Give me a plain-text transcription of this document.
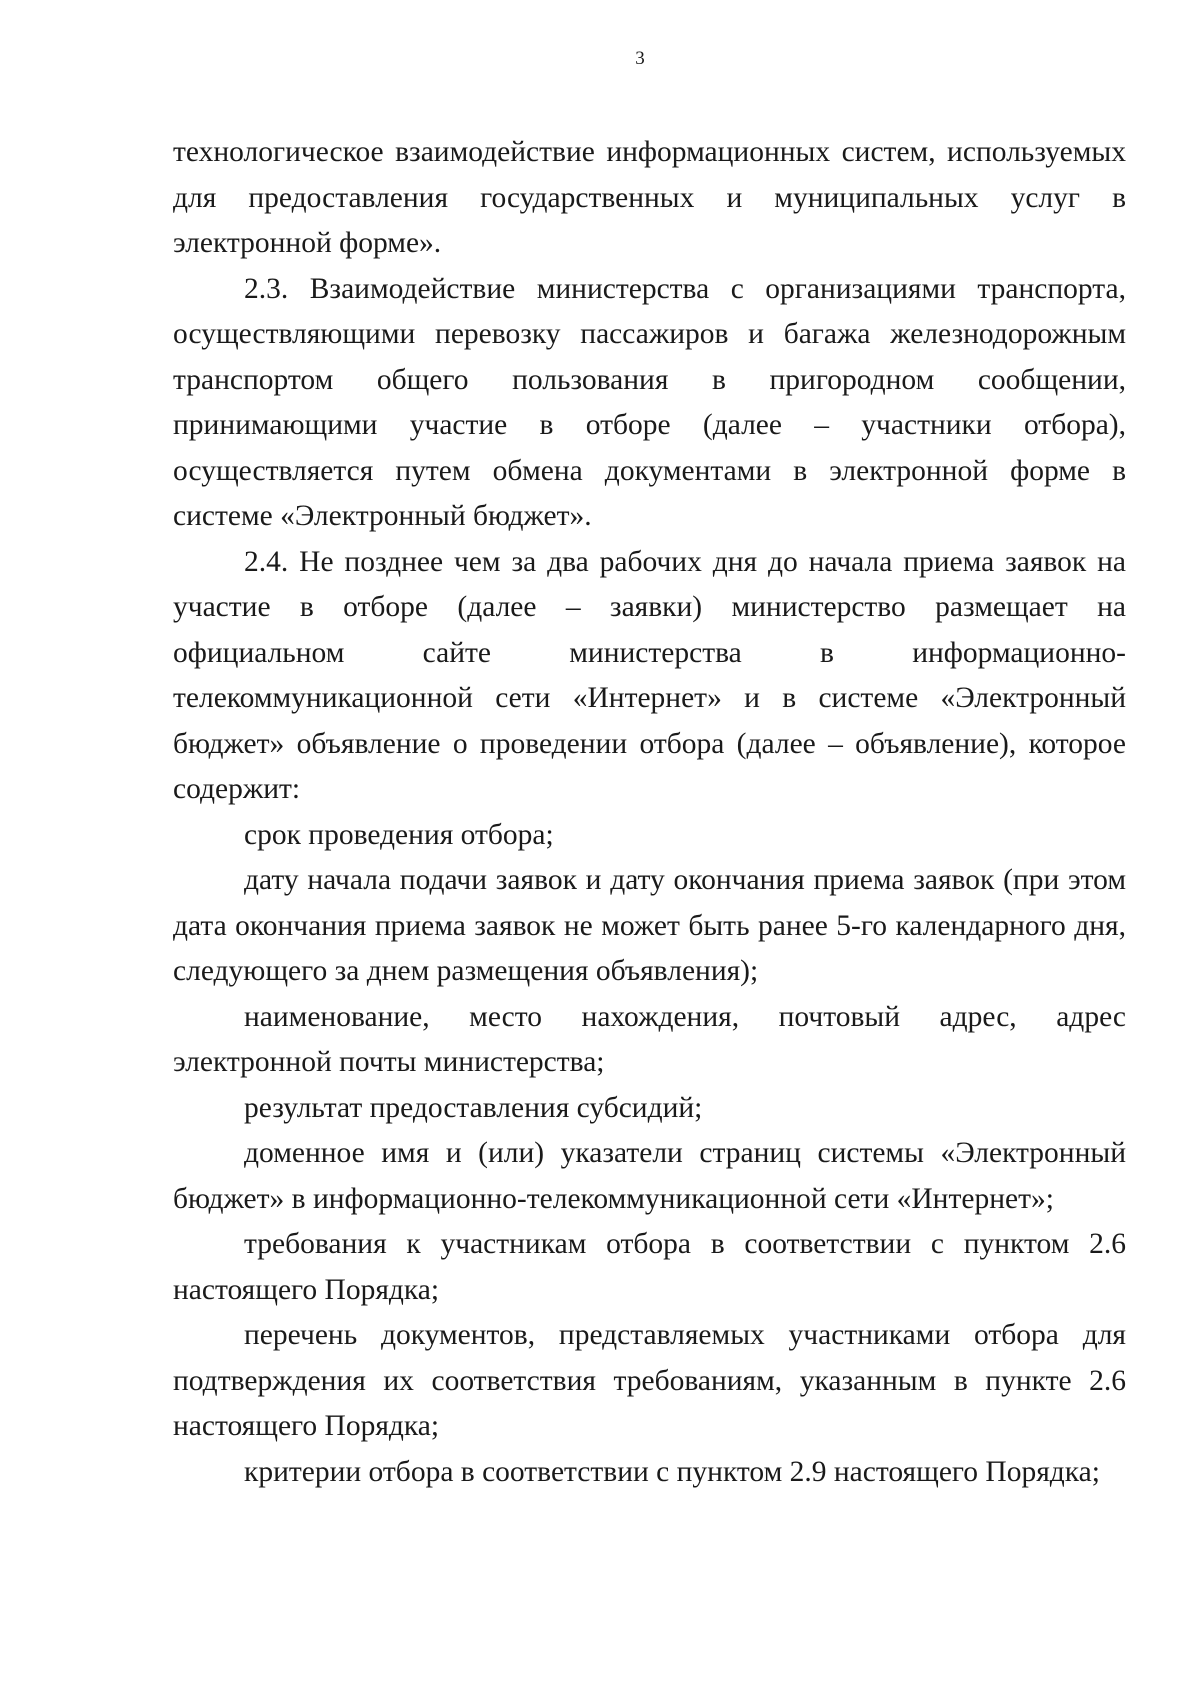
3

технологическое взаимодействие информационных систем, используемых для предоставления государственных и муниципальных услуг в электронной форме».

2.3. Взаимодействие министерства с организациями транспорта, осуществляющими перевозку пассажиров и багажа железнодорожным транспортом общего пользования в пригородном сообщении, принимающими участие в отборе (далее – участники отбора), осуществляется путем обмена документами в электронной форме в системе «Электронный бюджет».

2.4. Не позднее чем за два рабочих дня до начала приема заявок на участие в отборе (далее – заявки) министерство размещает на официальном сайте министерства в информационно-телекоммуникационной сети «Интернет» и в системе «Электронный бюджет» объявление о проведении отбора (далее – объявление), которое содержит:

срок проведения отбора;

дату начала подачи заявок и дату окончания приема заявок (при этом дата окончания приема заявок не может быть ранее 5-го календарного дня, следующего за днем размещения объявления);

наименование, место нахождения, почтовый адрес, адрес электронной почты министерства;

результат предоставления субсидий;

доменное имя и (или) указатели страниц системы «Электронный бюджет» в информационно-телекоммуникационной сети «Интернет»;

требования к участникам отбора в соответствии с пунктом 2.6 настоящего Порядка;

перечень документов, представляемых участниками отбора для подтверждения их соответствия требованиям, указанным в пункте 2.6 настоящего Порядка;

критерии отбора в соответствии с пунктом 2.9 настоящего Порядка;
